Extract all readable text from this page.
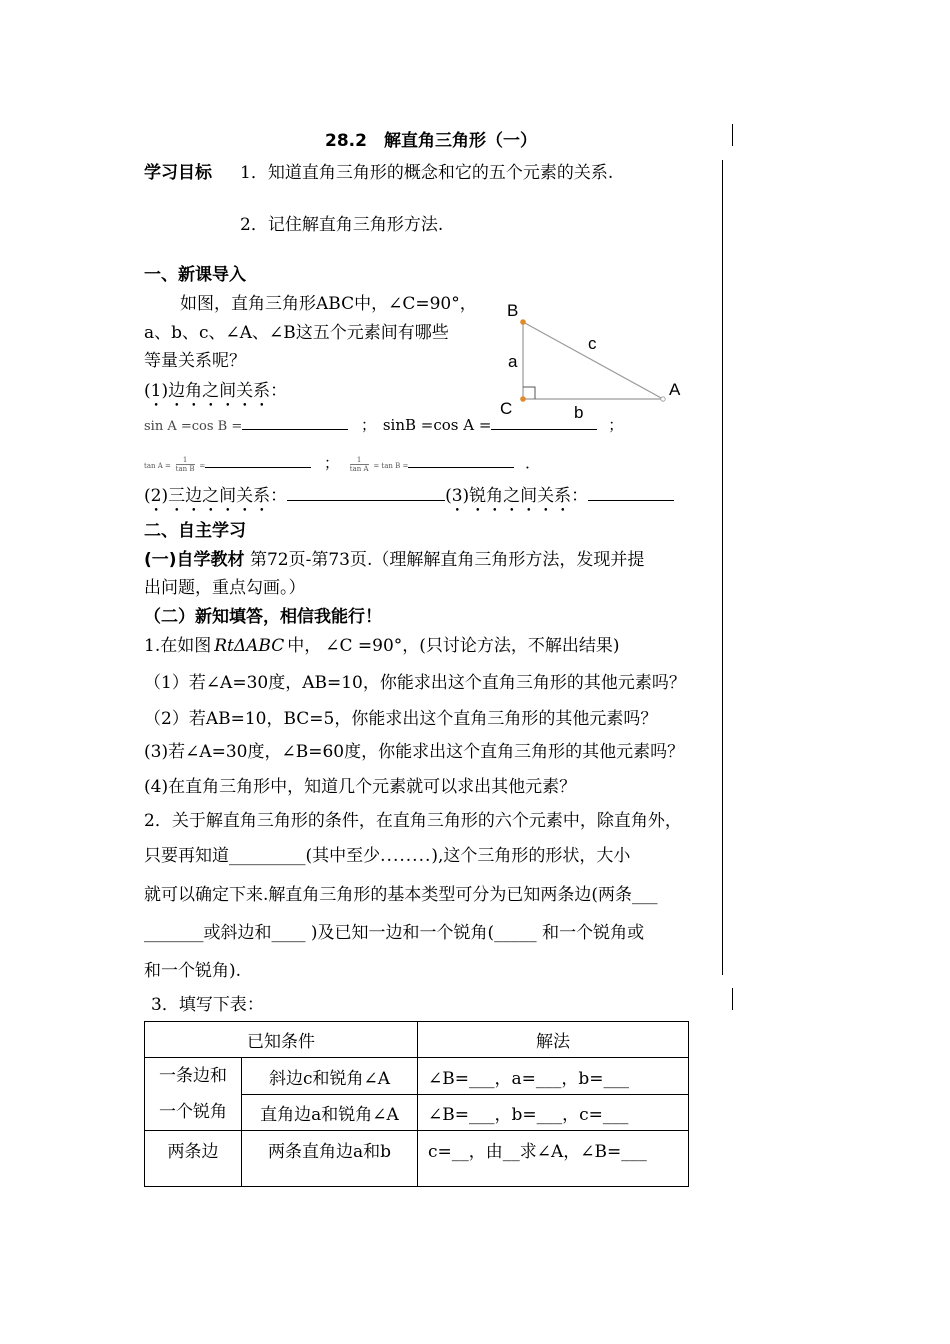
28.2　解直角三角形（一）
学习目标 1．知道直角三角形的概念和它的五个元素的关系.
2．记住解直角三角形方法.
一、新课导入
如图，直角三角形ABC中，∠C=90°，
a、b、c、∠A、∠B这五个元素间有哪些
等量关系呢？
(1)边角之间关系：
B
C
A
a
b
c
sin A =cos B =	； sinB =cos A =	；
$\tan A = \frac{1}{\text{tan B}}$ =	； $\frac{1}{\text{tan A}} = \tan B$ =	．
(2)三边之间关系：	(3)锐角之间关系：
二、自主学习
(一)自学教材 第72页-第73页.（理解解直角三角形方法，发现并提
出问题，重点勾画。）
（二）新知填答，相信我能行！
1.在如图 RtΔABC 中， ∠C =90°，(只讨论方法，不解出结果)
（1）若∠A=30度，AB=10，你能求出这个直角三角形的其他元素吗？
（2）若AB=10，BC=5，你能求出这个直角三角形的其他元素吗？
(3)若∠A=30度，∠B=60度，你能求出这个直角三角形的其他元素吗？
(4)在直角三角形中，知道几个元素就可以求出其他元素？
2．关于解直角三角形的条件，在直角三角形的六个元素中，除直角外，
只要再知道_________(其中至少........),这个三角形的形状，大小
就可以确定下来.解直角三角形的基本类型可分为已知两条边(两条___
_______或斜边和____ )及已知一边和一个锐角(_____ 和一个锐角或
和一个锐角).
3．填写下表：
已知条件		解法

一条边和
一个锐角	斜边c和锐角∠A	∠B=___，a=___，b=___
	直角边a和锐角∠A	∠B=___，b=___，c=___
两条边	两条直角边a和b	c=__，由__求∠A，∠B=___
